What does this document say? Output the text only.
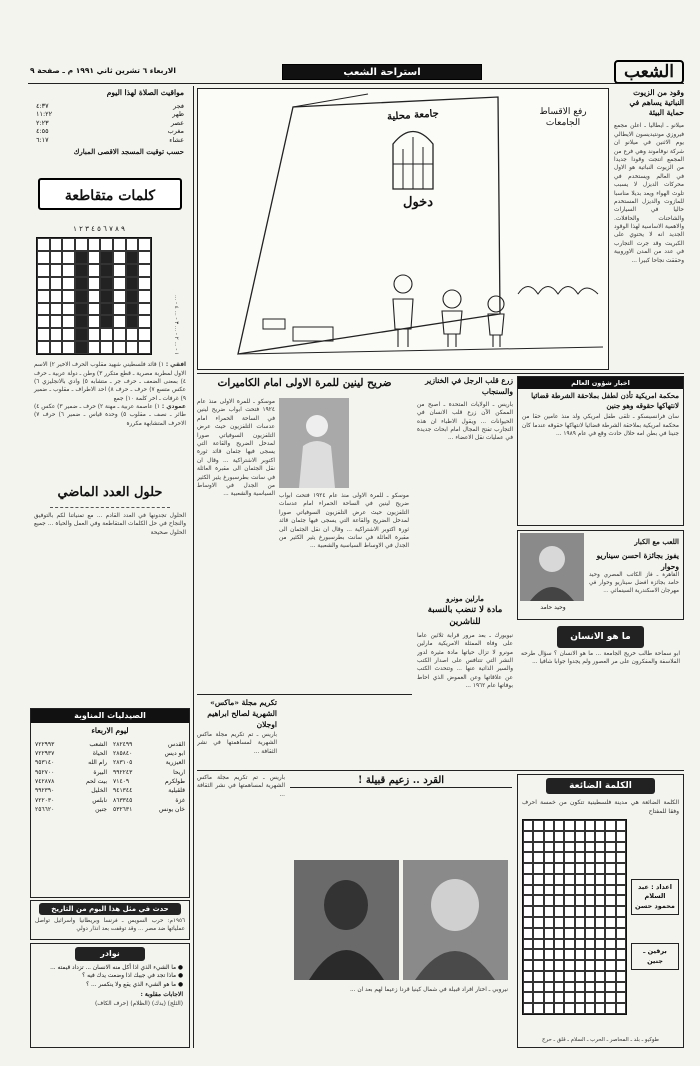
الاربعاء ٦ تشرين ثاني ١٩٩١ م ـ صفحة ٩	استراحة الشعب	الشعب
مواقيت الصلاة لهذا اليوم
فجر
٤:٣٧
ظهر
١١:٢٢
عصر
٢:٢٣
مغرب
٤:٥٥
عشاء
٦:١٧
حسب توقيت المسجد الاقصى المبارك
كلمات متقاطعة
٩ ٨ ٧ ٦ ٥ ٤ ٣ ٢ ١
١ - ... ٢ - ... ٣ - ... ٤ - ...
افقي : ١) قائد فلسطيني شهيد مقلوب الحرف الاخير ٢) الاسم الاول لمطربة مصرية ـ قطع متكرر ٣) وطن ـ دولة عربية ـ حرف ٤) بمعنى الضعف ـ حرف جر ـ متشابه ٥) وادي بالانجليزي ٦) عكس متسع ٧) حرف ـ حرف ٨) احد الاطراف ـ مقلوب ـ ضمير ٩) غرفات ـ اخر كلمة ١٠) جمع
عمودي : ١) عاصمة عربية ـ مهنة ٢) حرف ـ ضمير ٣) عكس ٤) طائر ـ نصف ـ مقلوب ٥) وحدة قياس ـ ضمير ٦) حرف ٧) الاحرف المتشابهة مكررة
حلول العدد الماضي
الحلول تجدونها في العدد القادم ... مع تمنياتنا لكم بالتوفيق والنجاح في حل الكلمات المتقاطعة وفي العمل والحياة ... جميع الحلول صحيحة
الصيدليات المناوبة
ليوم الاربعاء
القدس
٢٨٢٤٩٩
ابو ديس
٢٨٥٨٤٠
العيزرية
٢٨٣١٠٥
اريحا
٩٩٢٢٤٣
طولكرم
٧١٤٠٩
قلقيلية
٩٤١٣٤٤
غزة
٨٦٣٣٤٥
خان يونس
٥٣٢٦٣١
الشعب
٧٢٢٩٩٣
الحياة
٧٢٢٩٣٧
رام الله
٩٥٣١٤٠
البيرة
٩٥٢٧٠٠
بيت لحم
٧٤٢٨٧٨
الخليل
٩٩٢٣٩٠
نابلس
٧٢٢٠٣٠
جنين
٢٥٦٦٢٠
حدث في مثل هذا اليوم من التاريخ
١٩٥٦م: حرب السويس ـ فرنسا وبريطانيا واسرائيل تواصل عملياتها ضد مصر ... وقد توقفت بعد انذار دولي
نوادر
● ما الشيء الذي اذا أكل منه الانسان ... تزداد قيمته ...
● ماذا تجد في جيبك اذا وضعت يدك فيه ؟
● ما هو الشيء الذي يقع ولا ينكسر ... ؟
الاجابات مقلوبة :
(الثلج) (يدك) (الظلام) (حرف الكاف)
جامعة محلية
دخول
رفع الاقساط الجامعات
وقود من الزيوت النباتية يساهم في حماية البيئة
ميلانو ـ ايطاليا ـ اعلن مجمع فيروزي مونتيديسون الايطالي يوم الاثنين في ميلانو ان شركة نوفاموند وهي فرع من المجمع انتجت وقودا جديدا من الزيوت النباتية هو الاول في العالم ويستخدم في محركات الديزل لا يسبب تلوث الهواء ويعد بديلا مناسبا للمازوت والديزل المستخدم حاليا في السيارات والشاحنات والحافلات. والاهمية الاساسية لهذا الوقود الجديد انه لا يحتوي على الكبريت وقد جرت التجارب في عدد من المدن الاوروبية وحققت نجاحا كبيرا ...
ضريح لينين للمرة الاولى امام الكاميرات
موسكو ـ للمرة الاولى منذ عام ١٩٢٤ فتحت ابواب ضريح لينين في الساحة الحمراء امام عدسات التلفزيون حيث عرض التلفزيون السوفياتي صورا لمدخل الضريح والقاعة التي يسجى فيها جثمان قائد ثورة اكتوبر الاشتراكية ... وقال ان نقل الجثمان الى مقبرة العائلة في سانت بطرسبورغ يثير الكثير من الجدل في الاوساط السياسية والشعبية ... موسكو ـ للمرة الاولى منذ عام ١٩٢٤ فتحت ابواب ضريح لينين في الساحة الحمراء امام عدسات التلفزيون حيث عرض التلفزيون السوفياتي صورا لمدخل الضريح والقاعة التي يسجى فيها جثمان قائد ثورة اكتوبر الاشتراكية ... وقال ان نقل الجثمان الى مقبرة العائلة في سانت بطرسبورغ يثير الكثير من الجدل في الاوساط السياسية والشعبية ...
تكريم مجلة «ماكس» الشهرية لصالح ابراهيم اوجلان
باريس ـ تم تكريم مجلة ماكس الشهرية لمساهمتها في نشر الثقافة ...
زرع قلب الرجل في الخنازير والسنجاب
باريس ـ الولايات المتحدة ـ اصبح من الممكن الآن زرع قلب الانسان في الحيوانات ... ويقول الاطباء ان هذه التجارب تفتح المجال امام ابحاث جديدة في عمليات نقل الاعضاء ...
اخبار شؤون العالم
محكمة امريكية تأذن لطفل بملاحقة الشرطة قضائيا لانتهاكها حقوقه وهو جنين
سان فرانسيسكو ـ تلقى طفل امريكي ولد منذ عامين حقا من محكمة امريكية بملاحقة الشرطة قضائيا لانتهاكها حقوقه عندما كان جنينا في بطن امه خلال حادث وقع في عام ١٩٨٩ ...
اللعب مع الكبار
يفوز بجائزة احسن سيناريو وحوار
القاهرة ـ فاز الكاتب المصري وحيد حامد بجائزة افضل سيناريو وحوار في مهرجان الاسكندرية السينمائي ...
وحيد حامد
مارلين مونرو
مادة لا تنضب بالنسبة للناشرين
نيويورك ـ بعد مرور قرابة ثلاثين عاما على وفاة الممثلة الامريكية مارلين مونرو لا تزال حياتها مادة مثيرة لدور النشر التي تتنافس على اصدار الكتب والسير الذاتية عنها ... وتتحدث الكتب عن علاقاتها وعن الغموض الذي احاط بوفاتها عام ١٩٦٢ ...
ما هو الانسان
ابو سماحة طالب خريج الجامعة ... ما هو الانسان ؟ سؤال طرحه الفلاسفة والمفكرون على مر العصور ولم يجدوا جوابا شافيا ...
القرد .. زعيم قبيلة !
نيروبي ـ اختار افراد قبيلة في شمال كينيا قردا زعيما لهم بعد ان ...
باريس ـ تم تكريم مجلة ماكس الشهرية لمساهمتها في نشر الثقافة ...
الكلمة الضائعة
الكلمة الضائعة هي مدينة فلسطينية تتكون من خمسة احرف وفقا للمفتاح
اعداد : عبد السلام محمود حسن
برقين ـ جنين
طوكيو ـ بلد ـ المحاصر ـ الحرب ـ السلام ـ قلق ـ حرج
